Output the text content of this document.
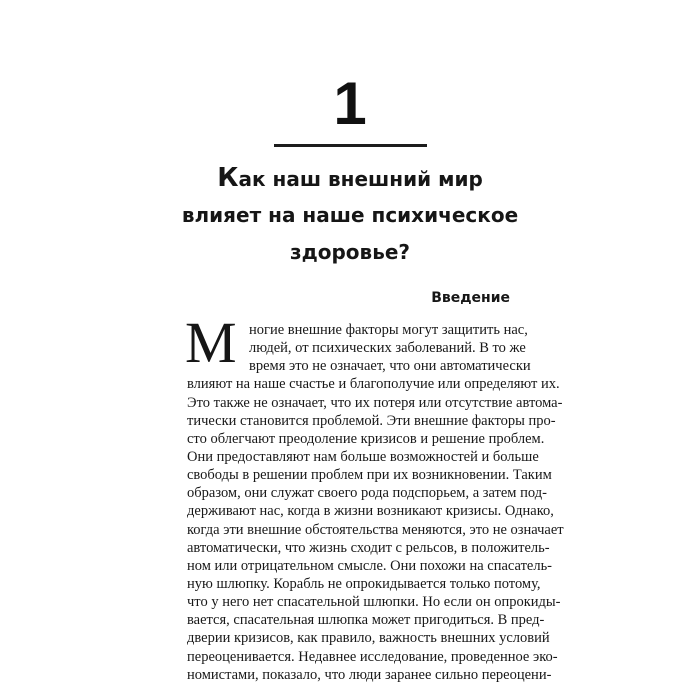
1
Как наш внешний мир
влияет на наше психическое
здоровье?
Введение
М ногие внешние факторы могут защитить нас,
людей, от психических заболеваний. В то же
время это не означает, что они автоматически
влияют на наше счастье и благополучие или определяют их.
Это также не означает, что их потеря или отсутствие автома-
тически становится проблемой. Эти внешние факторы про-
сто облегчают преодоление кризисов и решение проблем.
Они предоставляют нам больше возможностей и больше
свободы в решении проблем при их возникновении. Таким
образом, они служат своего рода подспорьем, а затем под-
держивают нас, когда в жизни возникают кризисы. Однако,
когда эти внешние обстоятельства меняются, это не означает
автоматически, что жизнь сходит с рельсов, в положитель-
ном или отрицательном смысле. Они похожи на спасатель-
ную шлюпку. Корабль не опрокидывается только потому,
что у него нет спасательной шлюпки. Но если он опрокиды-
вается, спасательная шлюпка может пригодиться. В пред-
дверии кризисов, как правило, важность внешних условий
переоценивается. Недавнее исследование, проведенное эко-
номистами, показало, что люди заранее сильно переоцени-
